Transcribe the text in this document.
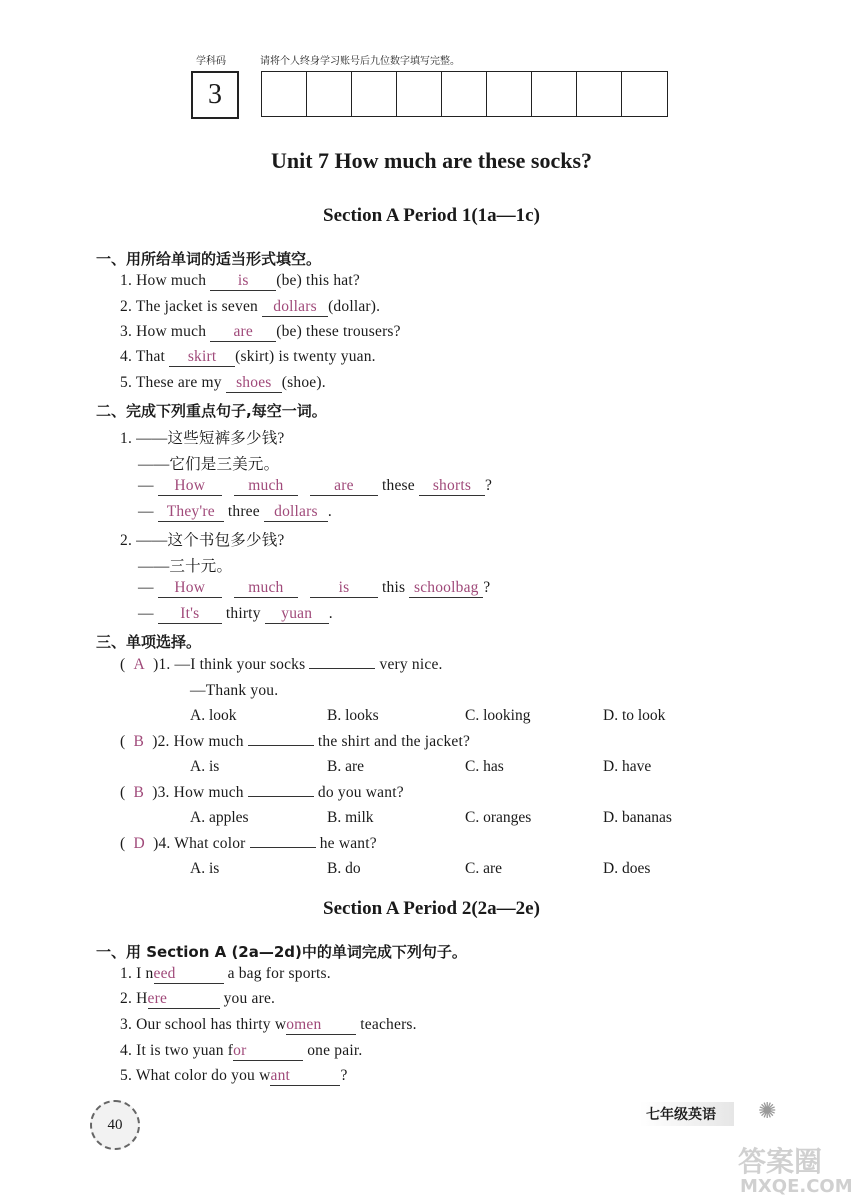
学科码	请将个人终身学习账号后九位数字填写完整。
3
Unit 7 How much are these socks?
Section A Period 1(1a—1c)
一、用所给单词的适当形式填空。
1. How much is (be) this hat?
2. The jacket is seven dollars (dollar).
3. How much are (be) these trousers?
4. That skirt (skirt) is twenty yuan.
5. These are my shoes (shoe).
二、完成下列重点句子,每空一词。
1. ——这些短裤多少钱?
——它们是三美元。
— How	much	are these shorts ?
— They're three dollars .
2. ——这个书包多少钱?
——三十元。
— How	much	is this schoolbag ?
— It's thirty yuan .
三、单项选择。
(  A )1. —I think your socks	very nice.
—Thank you.
A. look	B. looks	C. looking	D. to look
(  B )2. How much	the shirt and the jacket?
A. is	B. are	C. has	D. have
(  B )3. How much	do you want?
A. apples	B. milk	C. oranges	D. bananas
(  D )4. What color	he want?
A. is	B. do	C. are	D. does
Section A Period 2(2a—2e)
一、用 Section A (2a—2d)中的单词完成下列句子。
1. I need	a bag for sports.
2. Here	you are.
3. Our school has thirty women	teachers.
4. It is two yuan for	one pair.
5. What color do you want	?
40
七年级英语	✺
答案圈
MXQE.COM
